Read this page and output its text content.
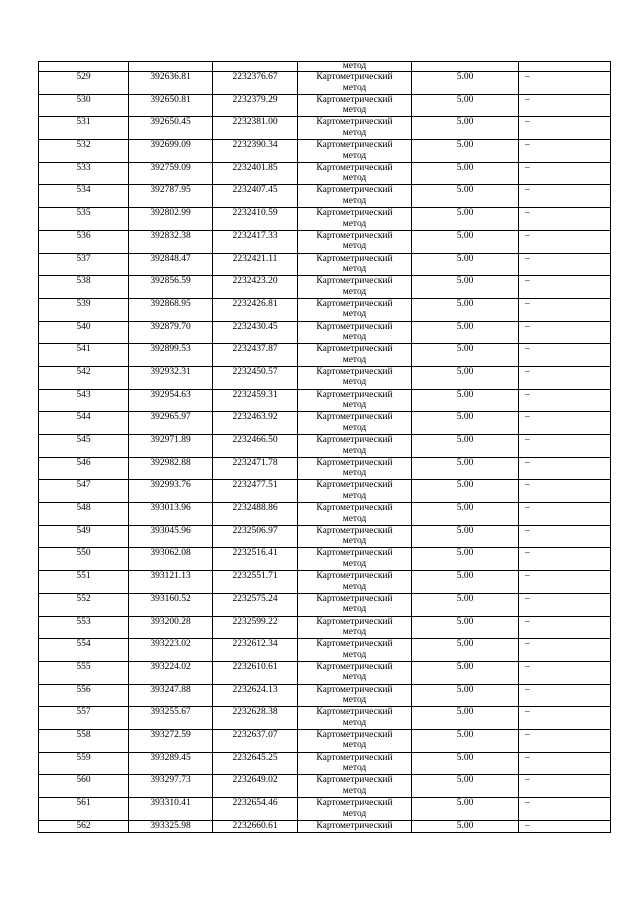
			метод		
529	392636.81	2232376.67	Картометрический
метод	5.00	–
530	392650.81	2232379.29	Картометрический
метод	5.00	–
531	392650.45	2232381.00	Картометрический
метод	5.00	–
532	392699.09	2232390.34	Картометрический
метод	5.00	–
533	392759.09	2232401.85	Картометрический
метод	5.00	–
534	392787.95	2232407.45	Картометрический
метод	5.00	–
535	392802.99	2232410.59	Картометрический
метод	5.00	–
536	392832.38	2232417.33	Картометрический
метод	5.00	–
537	392848.47	2232421.11	Картометрический
метод	5.00	–
538	392856.59	2232423.20	Картометрический
метод	5.00	–
539	392868.95	2232426.81	Картометрический
метод	5.00	–
540	392879.70	2232430.45	Картометрический
метод	5.00	–
541	392899.53	2232437.87	Картометрический
метод	5.00	–
542	392932.31	2232450.57	Картометрический
метод	5.00	–
543	392954.63	2232459.31	Картометрический
метод	5.00	–
544	392965.97	2232463.92	Картометрический
метод	5.00	–
545	392971.89	2232466.50	Картометрический
метод	5.00	–
546	392982.88	2232471.78	Картометрический
метод	5.00	–
547	392993.76	2232477.51	Картометрический
метод	5.00	–
548	393013.96	2232488.86	Картометрический
метод	5.00	–
549	393045.96	2232506.97	Картометрический
метод	5.00	–
550	393062.08	2232516.41	Картометрический
метод	5.00	–
551	393121.13	2232551.71	Картометрический
метод	5.00	–
552	393160.52	2232575.24	Картометрический
метод	5.00	–
553	393200.28	2232599.22	Картометрический
метод	5.00	–
554	393223.02	2232612.34	Картометрический
метод	5.00	–
555	393224.02	2232610.61	Картометрический
метод	5.00	–
556	393247.88	2232624.13	Картометрический
метод	5.00	–
557	393255.67	2232628.38	Картометрический
метод	5.00	–
558	393272.59	2232637.07	Картометрический
метод	5.00	–
559	393289.45	2232645.25	Картометрический
метод	5.00	–
560	393297.73	2232649.02	Картометрический
метод	5.00	–
561	393310.41	2232654.46	Картометрический
метод	5.00	–
562	393325.98	2232660.61	Картометрический	5.00	–
